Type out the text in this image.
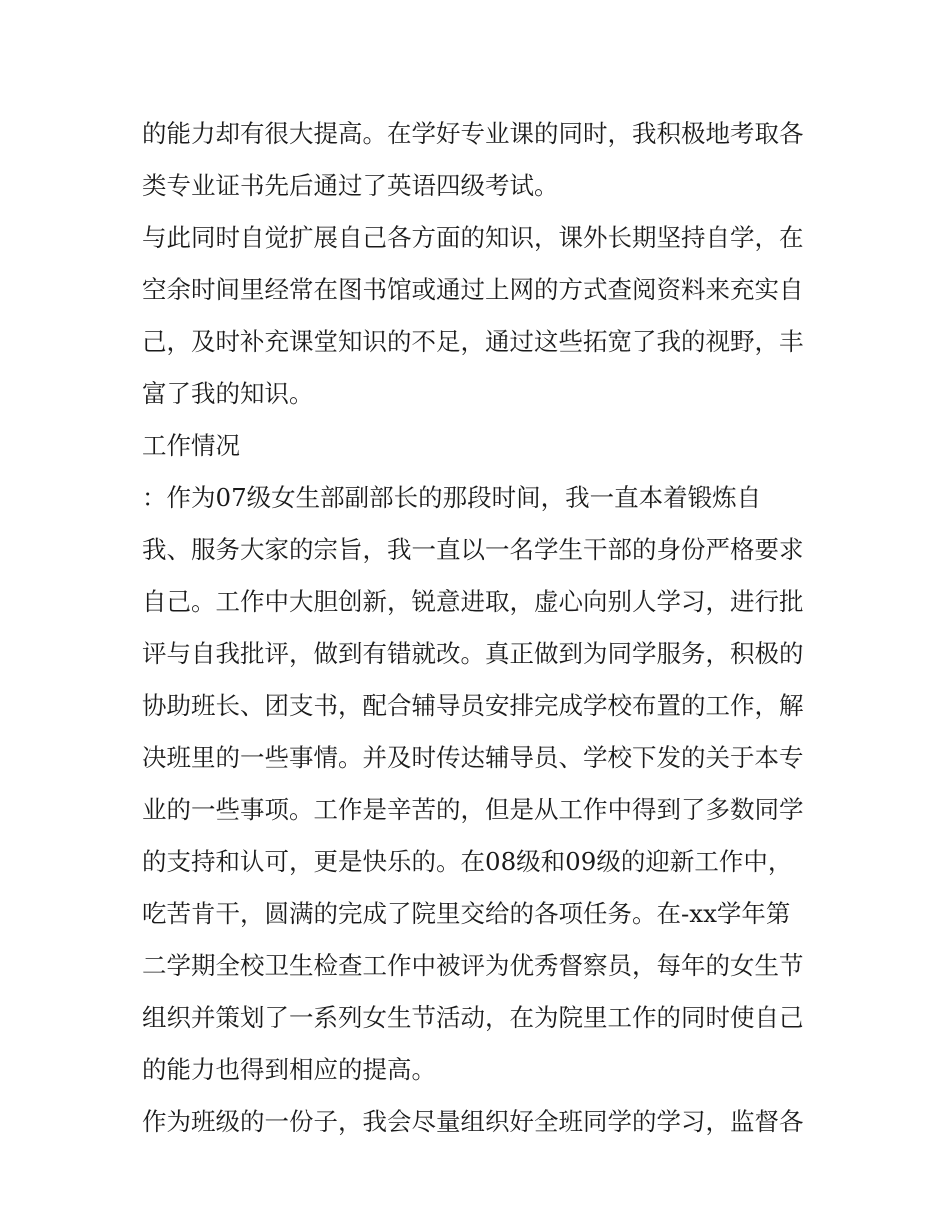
的能力却有很大提高。在学好专业课的同时，我积极地考取各
类专业证书先后通过了英语四级考试。
与此同时自觉扩展自己各方面的知识，课外长期坚持自学，在
空余时间里经常在图书馆或通过上网的方式查阅资料来充实自
己，及时补充课堂知识的不足，通过这些拓宽了我的视野，丰
富了我的知识。
工作情况
：作为07级女生部副部长的那段时间，我一直本着锻炼自
我、服务大家的宗旨，我一直以一名学生干部的身份严格要求
自己。工作中大胆创新，锐意进取，虚心向别人学习，进行批
评与自我批评，做到有错就改。真正做到为同学服务，积极的
协助班长、团支书，配合辅导员安排完成学校布置的工作，解
决班里的一些事情。并及时传达辅导员、学校下发的关于本专
业的一些事项。工作是辛苦的，但是从工作中得到了多数同学
的支持和认可，更是快乐的。在08级和09级的迎新工作中，
吃苦肯干，圆满的完成了院里交给的各项任务。在-xx学年第
二学期全校卫生检查工作中被评为优秀督察员，每年的女生节
组织并策划了一系列女生节活动，在为院里工作的同时使自己
的能力也得到相应的提高。
作为班级的一份子，我会尽量组织好全班同学的学习，监督各
